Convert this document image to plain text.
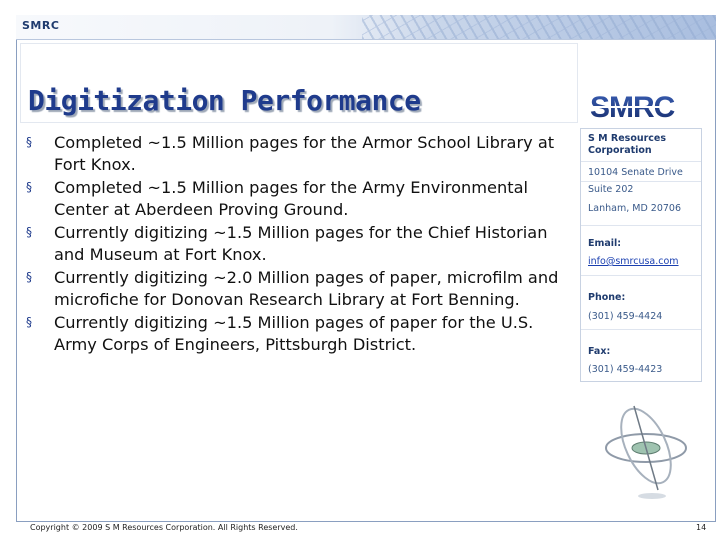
SMRC
Digitization Performance
§ Completed ~1.5 Million pages for the Armor School Library at Fort Knox.
§ Completed ~1.5 Million pages for the Army Environmental Center at Aberdeen Proving Ground.
§ Currently digitizing ~1.5 Million pages for the Chief Historian and Museum at Fort Knox.
§ Currently digitizing ~2.0 Million pages of paper, microfilm and microfiche for Donovan Research Library at Fort Benning.
§ Currently digitizing ~1.5 Million pages of paper for the U.S. Army Corps of Engineers, Pittsburgh District.
SMRC
S M Resources
Corporation
10104 Senate Drive
Suite 202
Lanham, MD 20706
Email:
info@smrcusa.com
Phone:
(301) 459-4424
Fax:
(301) 459-4423
Copyright © 2009 S M Resources Corporation. All Rights Reserved.	14
